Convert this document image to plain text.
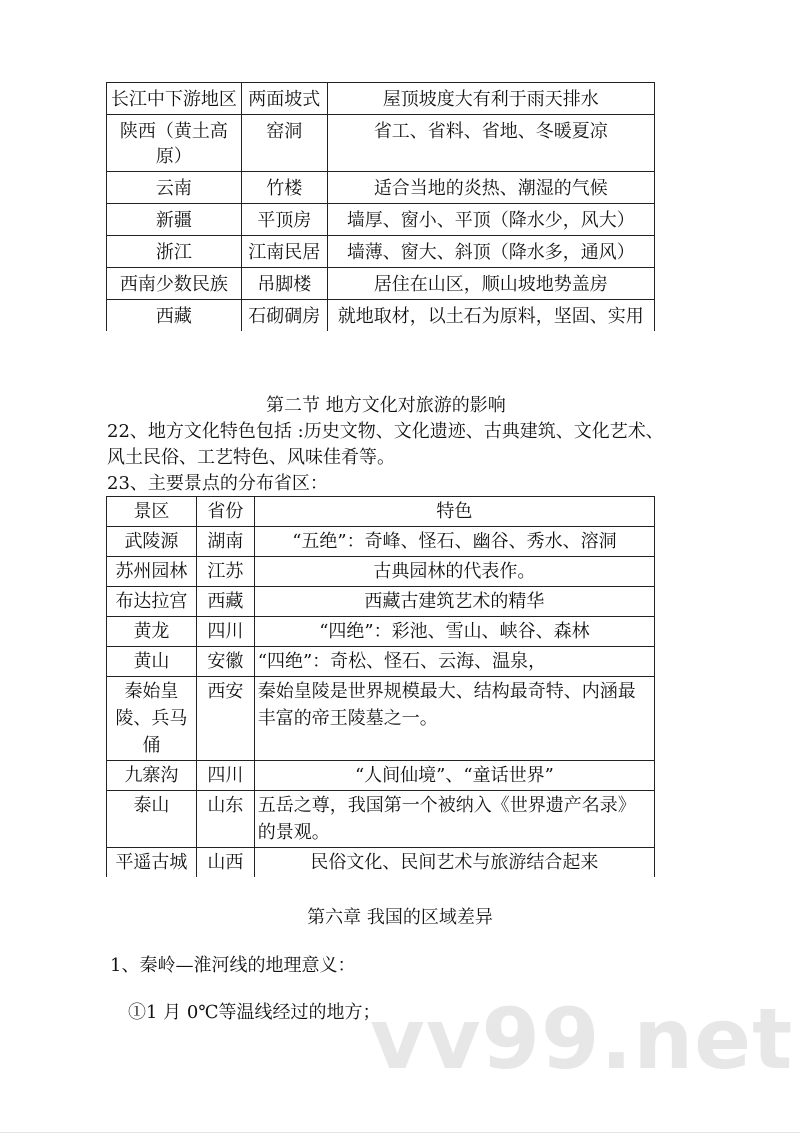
长江中下游地区	两面坡式	屋顶坡度大有利于雨天排水
陕西（黄土高原）	窑洞	省工、省料、省地、冬暖夏凉
云南	竹楼	适合当地的炎热、潮湿的气候
新疆	平顶房	墙厚、窗小、平顶（降水少，风大）
浙江	江南民居	墙薄、窗大、斜顶（降水多，通风）
西南少数民族	吊脚楼	居住在山区，顺山坡地势盖房
西藏	石砌碉房	就地取材，以土石为原料，坚固、实用
第二节 地方文化对旅游的影响
22、地方文化特色包括 :历史文物、文化遗迹、古典建筑、文化艺术、
风土民俗、工艺特色、风味佳肴等。
23、主要景点的分布省区：
景区	省份	特色
武陵源	湖南	“五绝”：奇峰、怪石、幽谷、秀水、溶洞
苏州园林	江苏	古典园林的代表作。
布达拉宫	西藏	西藏古建筑艺术的精华
黄龙	四川	“四绝”：彩池、雪山、峡谷、森林
黄山	安徽	“四绝”：奇松、怪石、云海、温泉，
秦始皇陵、兵马俑	西安	秦始皇陵是世界规模最大、结构最奇特、内涵最丰富的帝王陵墓之一。
九寨沟	四川	“人间仙境”、“童话世界”
泰山	山东	五岳之尊，我国第一个被纳入《世界遗产名录》的景观。
平遥古城	山西	民俗文化、民间艺术与旅游结合起来
第六章 我国的区域差异
1、秦岭—淮河线的地理意义：
①1 月 0℃等温线经过的地方；
vv99.net
